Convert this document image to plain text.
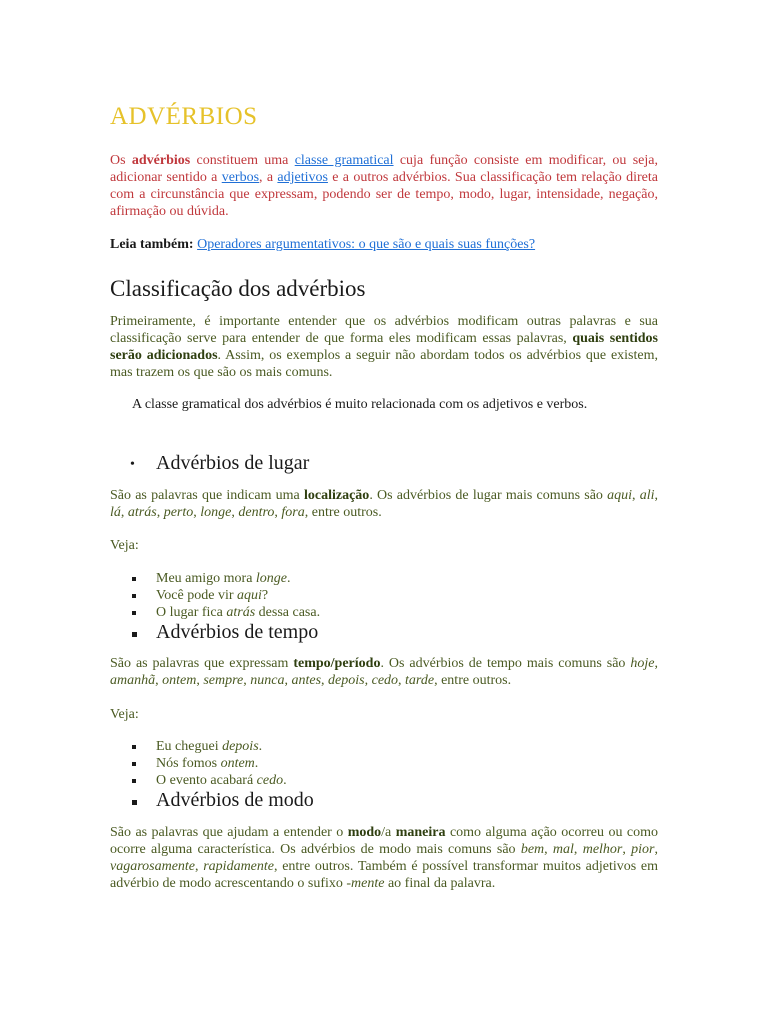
ADVÉRBIOS

Os advérbios constituem uma classe gramatical cuja função consiste em modificar, ou seja, adicionar sentido a verbos, a adjetivos e a outros advérbios. Sua classificação tem relação direta com a circunstância que expressam, podendo ser de tempo, modo, lugar, intensidade, negação, afirmação ou dúvida.

Leia também: Operadores argumentativos: o que são e quais suas funções?

Classificação dos advérbios

Primeiramente, é importante entender que os advérbios modificam outras palavras e sua classificação serve para entender de que forma eles modificam essas palavras, quais sentidos serão adicionados. Assim, os exemplos a seguir não abordam todos os advérbios que existem, mas trazem os que são os mais comuns.

A classe gramatical dos advérbios é muito relacionada com os adjetivos e verbos.

• Advérbios de lugar

São as palavras que indicam uma localização. Os advérbios de lugar mais comuns são aqui, ali, lá, atrás, perto, longe, dentro, fora, entre outros.

Veja:

Meu amigo mora longe.
Você pode vir aqui?
O lugar fica atrás dessa casa.
Advérbios de tempo

São as palavras que expressam tempo/período. Os advérbios de tempo mais comuns são hoje, amanhã, ontem, sempre, nunca, antes, depois, cedo, tarde, entre outros.

Veja:

Eu cheguei depois.
Nós fomos ontem.
O evento acabará cedo.
Advérbios de modo

São as palavras que ajudam a entender o modo/a maneira como alguma ação ocorreu ou como ocorre alguma característica. Os advérbios de modo mais comuns são bem, mal, melhor, pior, vagarosamente, rapidamente, entre outros. Também é possível transformar muitos adjetivos em advérbio de modo acrescentando o sufixo -mente ao final da palavra.
